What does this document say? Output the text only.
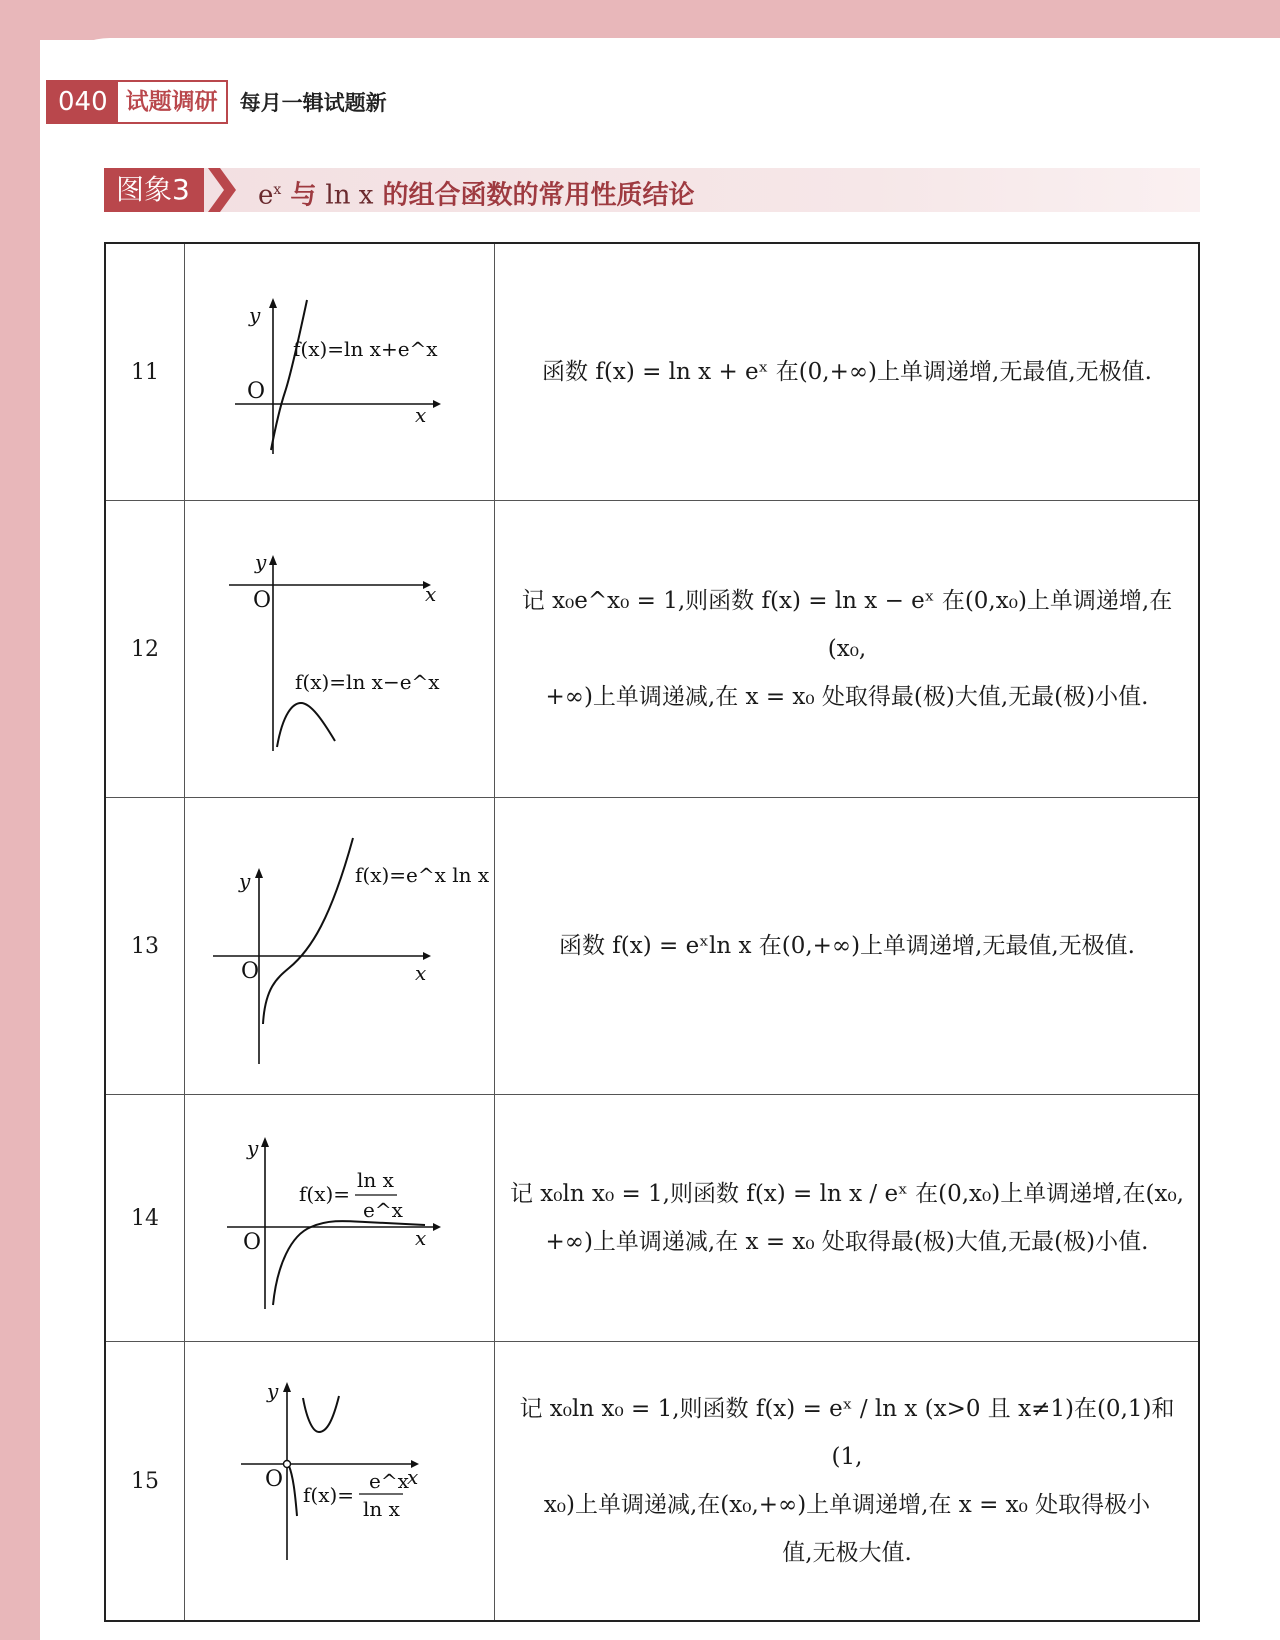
040 试题调研	每月一辑试题新
图象3	$e^x$ 与 ln x 的组合函数的常用性质结论
11
y
x
O
f(x)=ln x+e^x
函数 f(x) = ln x + eˣ 在(0,+∞)上单调递增,无最值,无极值.
12
y
x
O
f(x)=ln x−e^x
记 x₀e^x₀ = 1,则函数 f(x) = ln x − eˣ 在(0,x₀)上单调递增,在(x₀,
+∞)上单调递减,在 x = x₀ 处取得最(极)大值,无最(极)小值.
13
y
x
O
f(x)=e^x ln x
函数 f(x) = eˣln x 在(0,+∞)上单调递增,无最值,无极值.
14
y
x
O
f(x)=
ln x
e^x
记 x₀ln x₀ = 1,则函数 f(x) = ln x / eˣ 在(0,x₀)上单调递增,在(x₀,
+∞)上单调递减,在 x = x₀ 处取得最(极)大值,无最(极)小值.
15
y
x
O
f(x)=
e^x
ln x
记 x₀ln x₀ = 1,则函数 f(x) = eˣ / ln x (x>0 且 x≠1)在(0,1)和(1,
x₀)上单调递减,在(x₀,+∞)上单调递增,在 x = x₀ 处取得极小
值,无极大值.
